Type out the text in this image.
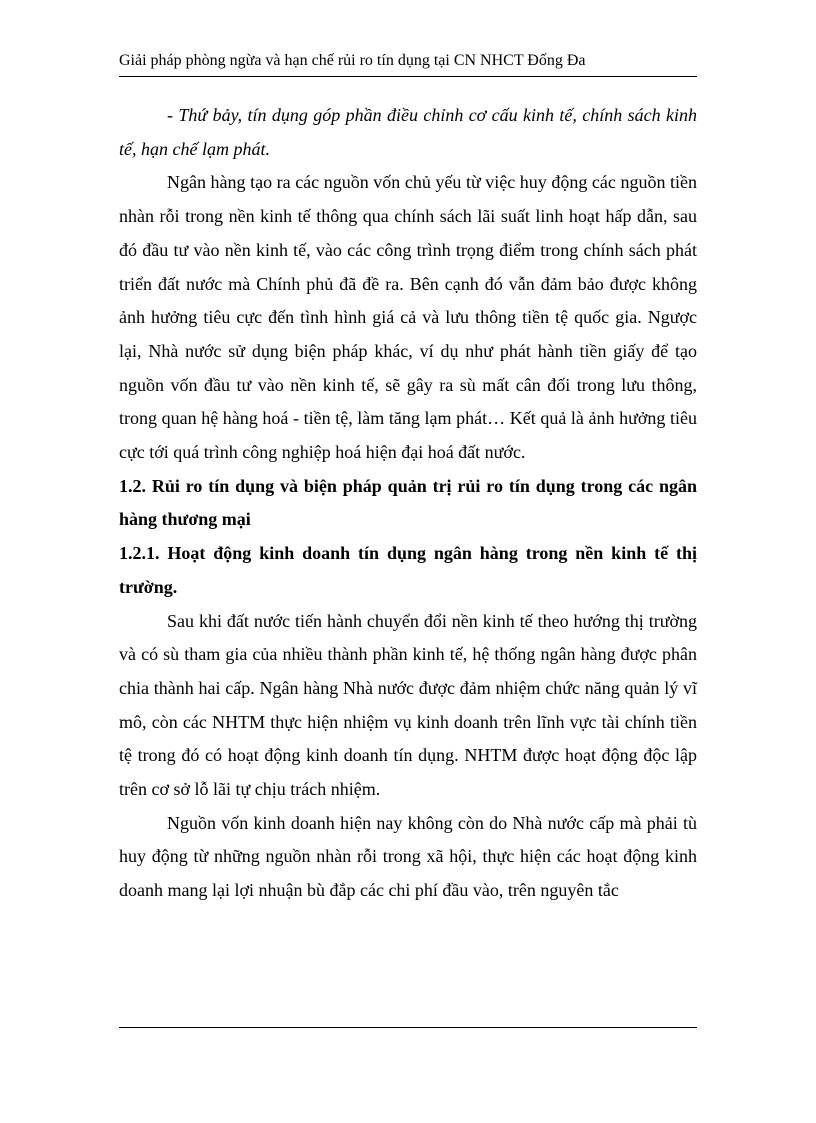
Giải pháp phòng ngừa và hạn chế rủi ro tín dụng tại CN NHCT Đống Đa

- Thứ bảy, tín dụng góp phần điều chỉnh cơ cấu kinh tế, chính sách kinh tế, hạn chế lạm phát.

Ngân hàng tạo ra các nguồn vốn chủ yếu từ việc huy động các nguồn tiền nhàn rỗi trong nền kinh tế thông qua chính sách lãi suất linh hoạt hấp dẫn, sau đó đầu tư vào nền kinh tế, vào các công trình trọng điểm trong chính sách phát triển đất nước mà Chính phủ đã đề ra. Bên cạnh đó vẫn đảm bảo được không ảnh hưởng tiêu cực đến tình hình giá cả và lưu thông tiền tệ quốc gia. Ngược lại, Nhà nước sử dụng biện pháp khác, ví dụ như phát hành tiền giấy để tạo nguồn vốn đầu tư vào nền kinh tế, sẽ gây ra sù mất cân đối trong lưu thông, trong quan hệ hàng hoá - tiền tệ, làm tăng lạm phát… Kết quả là ảnh hưởng tiêu cực tới quá trình công nghiệp hoá hiện đại hoá đất nước.

1.2. Rủi ro tín dụng và biện pháp quản trị rủi ro tín dụng trong các ngân hàng thương mại
1.2.1. Hoạt động kinh doanh tín dụng ngân hàng trong nền kinh tế thị trường.

Sau khi đất nước tiến hành chuyển đổi nền kinh tế theo hướng thị trường và có sù tham gia của nhiều thành phần kinh tế, hệ thống ngân hàng được phân chia thành hai cấp. Ngân hàng Nhà nước được đảm nhiệm chức năng quản lý vĩ mô, còn các NHTM thực hiện nhiệm vụ kinh doanh trên lĩnh vực tài chính tiền tệ trong đó có hoạt động kinh doanh tín dụng. NHTM được hoạt động độc lập trên cơ sở lỗ lãi tự chịu trách nhiệm.

Nguồn vốn kinh doanh hiện nay không còn do Nhà nước cấp mà phải tù huy động từ những nguồn nhàn rỗi trong xã hội, thực hiện các hoạt động kinh doanh mang lại lợi nhuận bù đắp các chi phí đầu vào, trên nguyên tắc
